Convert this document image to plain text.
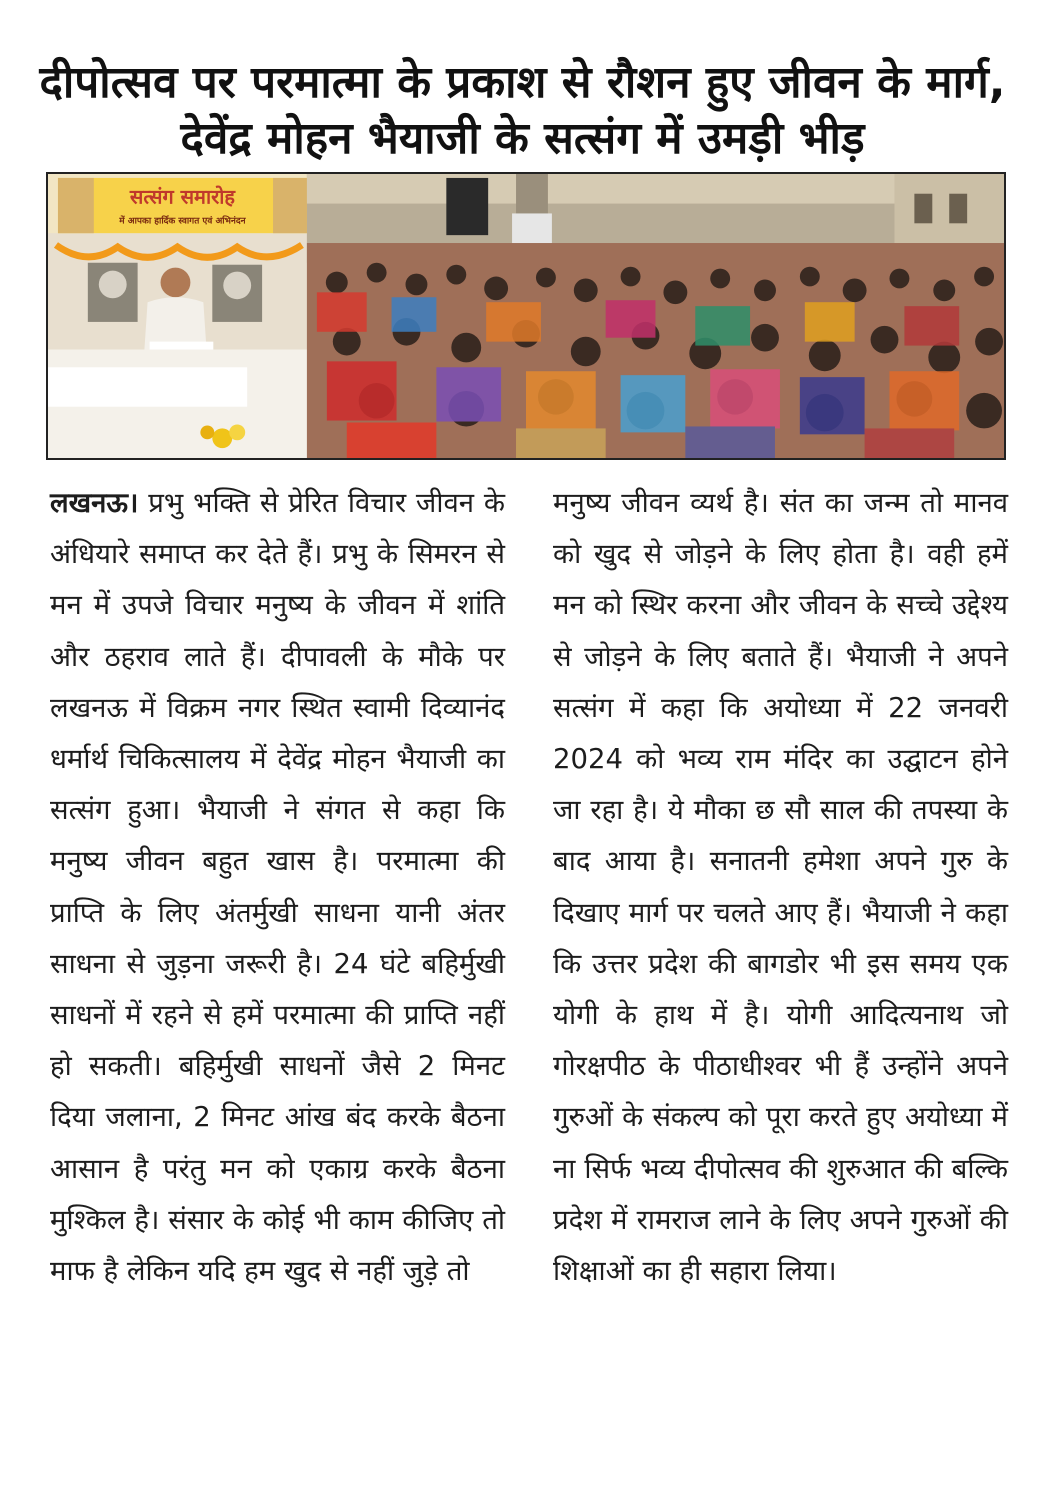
दीपोत्सव पर परमात्मा के प्रकाश से रौशन हुए जीवन के मार्ग, देवेंद्र मोहन भैयाजी के सत्संग में उमड़ी भीड़
सत्संग समारोह
में आपका हार्दिक स्वागत एवं अभिनंदन

लखनऊ। प्रभु भक्ति से प्रेरित विचार जीवन के अंधियारे समाप्त कर देते हैं। प्रभु के सिमरन से मन में उपजे विचार मनुष्य के जीवन में शांति और ठहराव लाते हैं। दीपावली के मौके पर लखनऊ में विक्रम नगर स्थित स्वामी दिव्यानंद धर्मार्थ चिकित्सालय में देवेंद्र मोहन भैयाजी का सत्संग हुआ। भैयाजी ने संगत से कहा कि मनुष्य जीवन बहुत खास है। परमात्मा की प्राप्ति के लिए अंतर्मुखी साधना यानी अंतर साधना से जुड़ना जरूरी है। 24 घंटे बहिर्मुखी साधनों में रहने से हमें परमात्मा की प्राप्ति नहीं हो सकती। बहिर्मुखी साधनों जैसे 2 मिनट दिया जलाना, 2 मिनट आंख बंद करके बैठना आसान है परंतु मन को एकाग्र करके बैठना मुश्किल है। संसार के कोई भी काम कीजिए तो माफ है लेकिन यदि हम खुद से नहीं जुड़े तो

मनुष्य जीवन व्यर्थ है। संत का जन्म तो मानव को खुद से जोड़ने के लिए होता है। वही हमें मन को स्थिर करना और जीवन के सच्चे उद्देश्य से जोड़ने के लिए बताते हैं। भैयाजी ने अपने सत्संग में कहा कि अयोध्या में 22 जनवरी 2024 को भव्य राम मंदिर का उद्घाटन होने जा रहा है। ये मौका छ सौ साल की तपस्या के बाद आया है। सनातनी हमेशा अपने गुरु के दिखाए मार्ग पर चलते आए हैं। भैयाजी ने कहा कि उत्तर प्रदेश की बागडोर भी इस समय एक योगी के हाथ में है। योगी आदित्यनाथ जो गोरक्षपीठ के पीठाधीश्वर भी हैं उन्होंने अपने गुरुओं के संकल्प को पूरा करते हुए अयोध्या में ना सिर्फ भव्य दीपोत्सव की शुरुआत की बल्कि प्रदेश में रामराज लाने के लिए अपने गुरुओं की शिक्षाओं का ही सहारा लिया।
